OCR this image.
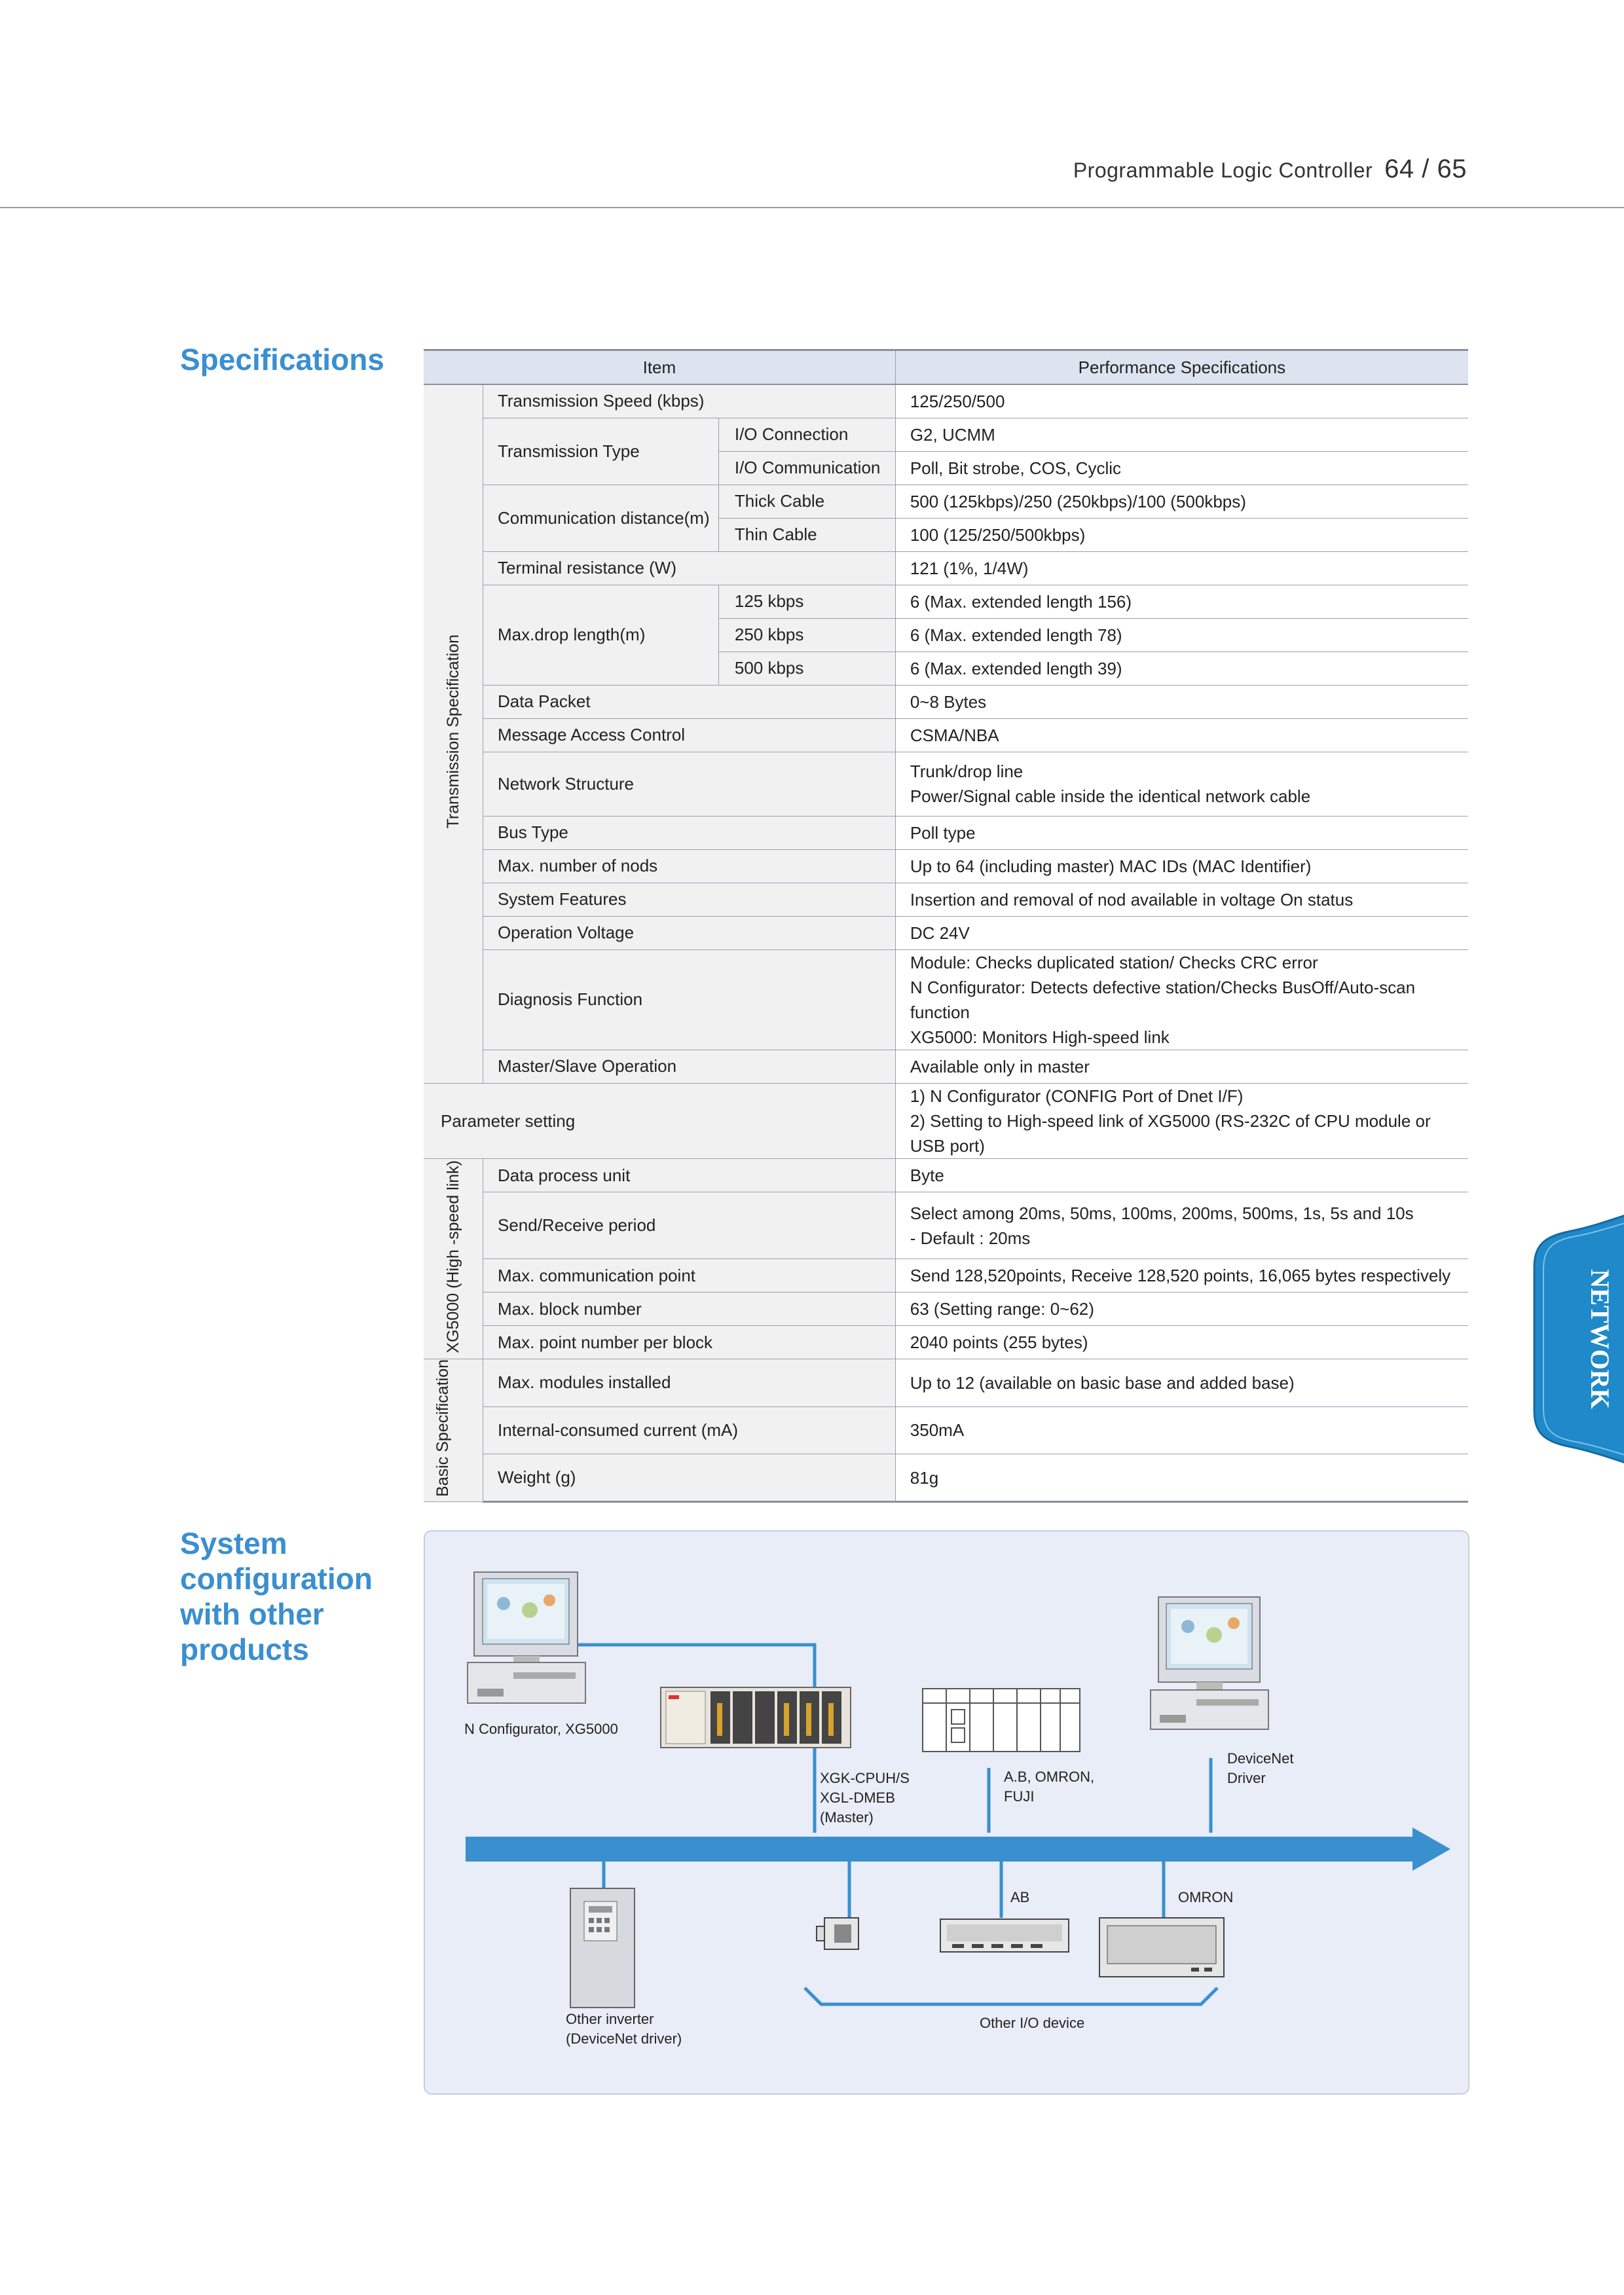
Programmable Logic Controller 64 / 65
Specifications	Item			Performance Specifications
Transmission Specification	Transmission Speed (kbps)		125/250/500
	Transmission Type	I/O Connection	G2, UCMM
		I/O Communication	Poll, Bit strobe, COS, Cyclic
	Communication distance(m)	Thick Cable	500 (125kbps)/250 (250kbps)/100 (500kbps)
		Thin Cable	100 (125/250/500kbps)
	Terminal resistance (W)		121 (1%, 1/4W)
	Max.drop length(m)	125 kbps	6 (Max. extended length 156)
		250 kbps	6 (Max. extended length 78)
		500 kbps	6 (Max. extended length 39)
	Data Packet		0~8 Bytes
	Message Access Control		CSMA/NBA
	Network Structure		Trunk/drop line
Power/Signal cable inside the identical network cable

	Bus Type		Poll type
	Max. number of nods		Up to 64 (including master) MAC IDs (MAC Identifier)
	System Features		Insertion and removal of nod available in voltage On status
	Operation Voltage		DC 24V
	Diagnosis Function		Module: Checks duplicated station/ Checks CRC error
N Configurator: Detects defective station/Checks BusOff/Auto-scan function
XG5000: Monitors High-speed link

	Master/Slave Operation		Available only in master
Parameter setting		1) N Configurator (CONFIG Port of Dnet I/F)
2) Setting to High-speed link of XG5000 (RS-232C of CPU module or USB port)

XG5000 (High -speed link)	Data process unit	Byte
	Send/Receive period	Select among 20ms, 50ms, 100ms, 200ms, 500ms, 1s, 5s and 10s
- Default : 20ms

	Max. communication point	Send 128,520points, Receive 128,520 points, 16,065 bytes respectively
	Max. block number	63 (Setting range: 0~62)
	Max. point number per block	2040 points (255 bytes)
Basic Specification	Max. modules installed	Up to 12 (available on basic base and added base)
	Internal-consumed current (mA)	350mA
	Weight (g)	81g
NETWORK
System configuration with other products
N Configurator, XG5000
XGK-CPUH/S
XGL-DMEB
(Master)
A.B, OMRON,
FUJI
DeviceNet
Driver
AB	OMRON
Other inverter
(DeviceNet driver)
Other I/O device
